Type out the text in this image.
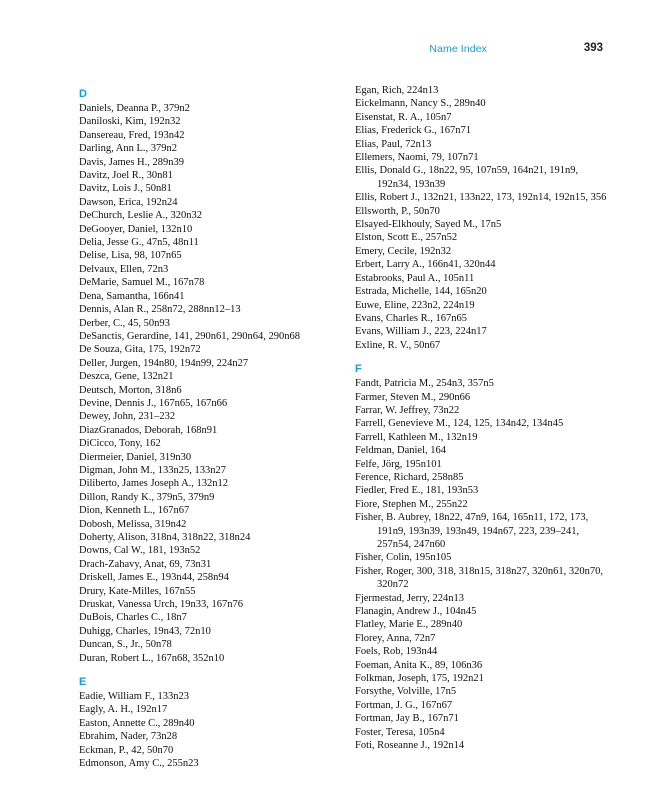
Name Index	393
D
Daniels, Deanna P., 379n2
Daniloski, Kim, 192n32
Dansereau, Fred, 193n42
Darling, Ann L., 379n2
Davis, James H., 289n39
Davitz, Joel R., 30n81
Davitz, Lois J., 50n81
Dawson, Erica, 192n24
DeChurch, Leslie A., 320n32
DeGooyer, Daniel, 132n10
Delia, Jesse G., 47n5, 48n11
Delise, Lisa, 98, 107n65
Delvaux, Ellen, 72n3
DeMarie, Samuel M., 167n78
Dena, Samantha, 166n41
Dennis, Alan R., 258n72, 288nn12–13
Derber, C., 45, 50n93
DeSanctis, Gerardine, 141, 290n61, 290n64, 290n68
De Souza, Gita, 175, 192n72
Deller, Jurgen, 194n80, 194n99, 224n27
Deszca, Gene, 132n21
Deutsch, Morton, 318n6
Devine, Dennis J., 167n65, 167n66
Dewey, John, 231–232
DiazGranados, Deborah, 168n91
DiCicco, Tony, 162
Diermeier, Daniel, 319n30
Digman, John M., 133n25, 133n27
Diliberto, James Joseph A., 132n12
Dillon, Randy K., 379n5, 379n9
Dion, Kenneth L., 167n67
Dobosh, Melissa, 319n42
Doherty, Alison, 318n4, 318n22, 318n24
Downs, Cal W., 181, 193n52
Drach-Zahavy, Anat, 69, 73n31
Driskell, James E., 193n44, 258n94
Drury, Kate-Milles, 167n55
Druskat, Vanessa Urch, 19n33, 167n76
DuBois, Charles C., 18n7
Duhigg, Charles, 19n43, 72n10
Duncan, S., Jr., 50n78
Duran, Robert L., 167n68, 352n10
E
Eadie, William F., 133n23
Eagly, A. H., 192n17
Easton, Annette C., 289n40
Ebrahim, Nader, 73n28
Eckman, P., 42, 50n70
Edmonson, Amy C., 255n23
Egan, Rich, 224n13
Eickelmann, Nancy S., 289n40
Eisenstat, R. A., 105n7
Elias, Frederick G., 167n71
Elias, Paul, 72n13
Ellemers, Naomi, 79, 107n71
Ellis, Donald G., 18n22, 95, 107n59, 164n21, 191n9, 192n34, 193n39
Ellis, Robert J., 132n21, 133n22, 173, 192n14, 192n15, 356
Ellsworth, P., 50n70
Elsayed-Elkhouly, Sayed M., 17n5
Elston, Scott E., 257n52
Emery, Cecile, 192n32
Erbert, Larry A., 166n41, 320n44
Estabrooks, Paul A., 105n11
Estrada, Michelle, 144, 165n20
Euwe, Eline, 223n2, 224n19
Evans, Charles R., 167n65
Evans, William J., 223, 224n17
Exline, R. V., 50n67
F
Fandt, Patricia M., 254n3, 357n5
Farmer, Steven M., 290n66
Farrar, W. Jeffrey, 73n22
Farrell, Genevieve M., 124, 125, 134n42, 134n45
Farrell, Kathleen M., 132n19
Feldman, Daniel, 164
Felfe, Jörg, 195n101
Ference, Richard, 258n85
Fiedler, Fred E., 181, 193n53
Fiore, Stephen M., 255n22
Fisher, B. Aubrey, 18n22, 47n9, 164, 165n11, 172, 173, 191n9, 193n39, 193n49, 194n67, 223, 239–241, 257n54, 247n60
Fisher, Colin, 195n105
Fisher, Roger, 300, 318, 318n15, 318n27, 320n61, 320n70, 320n72
Fjermestad, Jerry, 224n13
Flanagin, Andrew J., 104n45
Flatley, Marie E., 289n40
Florey, Anna, 72n7
Foels, Rob, 193n44
Foeman, Anita K., 89, 106n36
Folkman, Joseph, 175, 192n21
Forsythe, Volville, 17n5
Fortman, J. G., 167n67
Fortman, Jay B., 167n71
Foster, Teresa, 105n4
Foti, Roseanne J., 192n14
